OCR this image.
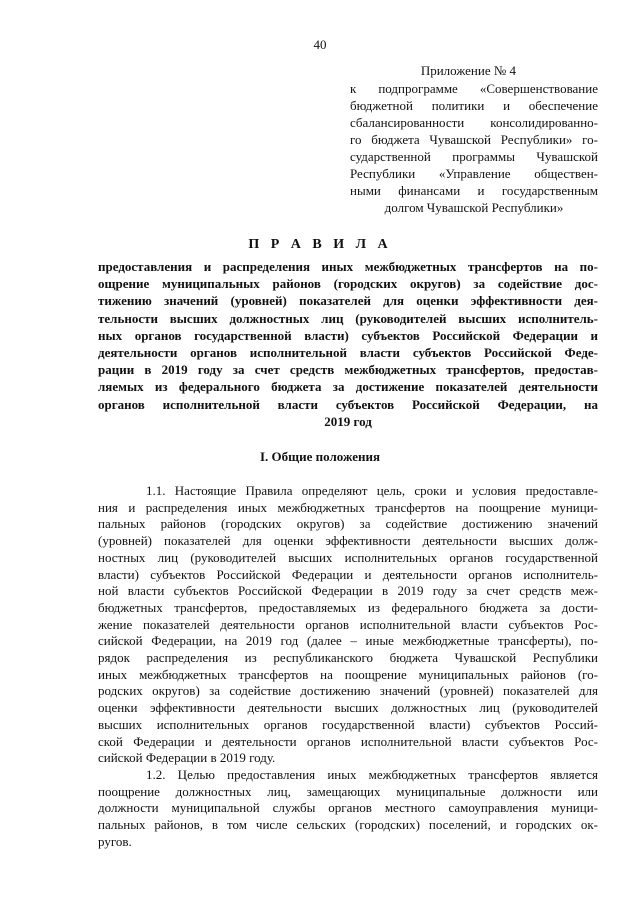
40
Приложение № 4
к подпрограмме «Совершенствование
бюджетной политики и обеспечение
сбалансированности консолидированно-
го бюджета Чувашской Республики» го-
сударственной программы Чувашской
Республики «Управление обществен-
ными финансами и государственным
долгом Чувашской Республики»
П Р А В И Л А
предоставления и распределения иных межбюджетных трансфертов на по-
ощрение муниципальных районов (городских округов) за содействие дос-
тижению значений (уровней) показателей для оценки эффективности дея-
тельности высших должностных лиц (руководителей высших исполнитель-
ных органов государственной власти) субъектов Российской Федерации и
деятельности органов исполнительной власти субъектов Российской Феде-
рации в 2019 году за счет средств межбюджетных трансфертов, предостав-
ляемых из федерального бюджета за достижение показателей деятельности
органов исполнительной власти субъектов Российской Федерации, на
2019 год
I. Общие положения
1.1. Настоящие Правила определяют цель, сроки и условия предоставле-
ния и распределения иных межбюджетных трансфертов на поощрение муници-
пальных районов (городских округов) за содействие достижению значений
(уровней) показателей для оценки эффективности деятельности высших долж-
ностных лиц (руководителей высших исполнительных органов государственной
власти) субъектов Российской Федерации и деятельности органов исполнитель-
ной власти субъектов Российской Федерации в 2019 году за счет средств меж-
бюджетных трансфертов, предоставляемых из федерального бюджета за дости-
жение показателей деятельности органов исполнительной власти субъектов Рос-
сийской Федерации, на 2019 год (далее – иные межбюджетные трансферты), по-
рядок распределения из республиканского бюджета Чувашской Республики
иных межбюджетных трансфертов на поощрение муниципальных районов (го-
родских округов) за содействие достижению значений (уровней) показателей для
оценки эффективности деятельности высших должностных лиц (руководителей
высших исполнительных органов государственной власти) субъектов Россий-
ской Федерации и деятельности органов исполнительной власти субъектов Рос-
сийской Федерации в 2019 году.
1.2. Целью предоставления иных межбюджетных трансфертов является
поощрение должностных лиц, замещающих муниципальные должности или
должности муниципальной службы органов местного самоуправления муници-
пальных районов, в том числе сельских (городских) поселений, и городских ок-
ругов.
